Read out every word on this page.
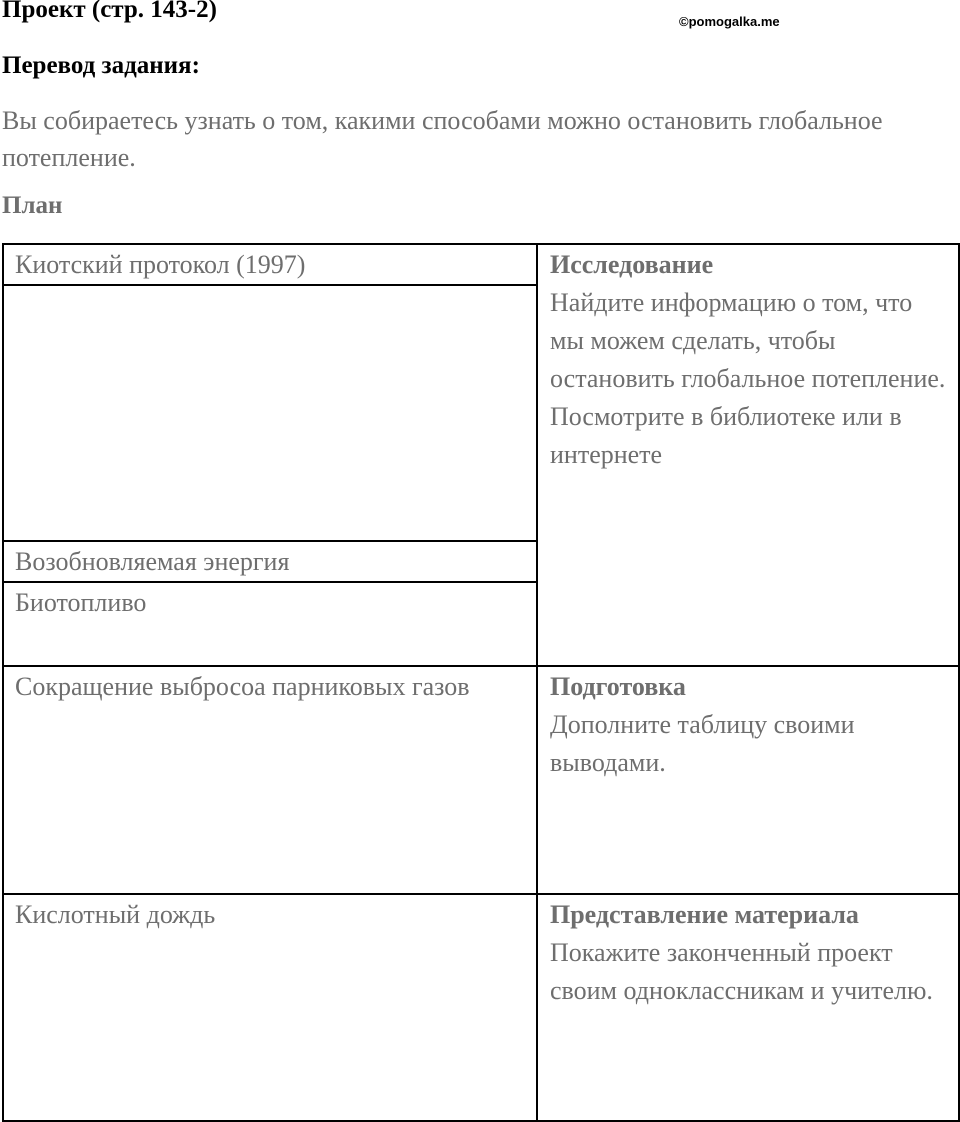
Проект (стр. 143-2)	©pomogalka.me
Перевод задания:
Вы собираетесь узнать о том, какими способами можно остановить глобальное потепление.
План
Киотский протокол (1997)	Исследование
Найдите информацию о том, что мы можем сделать, чтобы остановить глобальное потепление. Посмотрите в библиотеке или в интернете

Возобновляемая энергия	
Биотопливо	
Сокращение выбросоа парниковых газов	Подготовка
Дополните таблицу своими выводами.

Кислотный дождь	Представление материала
Покажите законченный проект своим одноклассникам и учителю.
